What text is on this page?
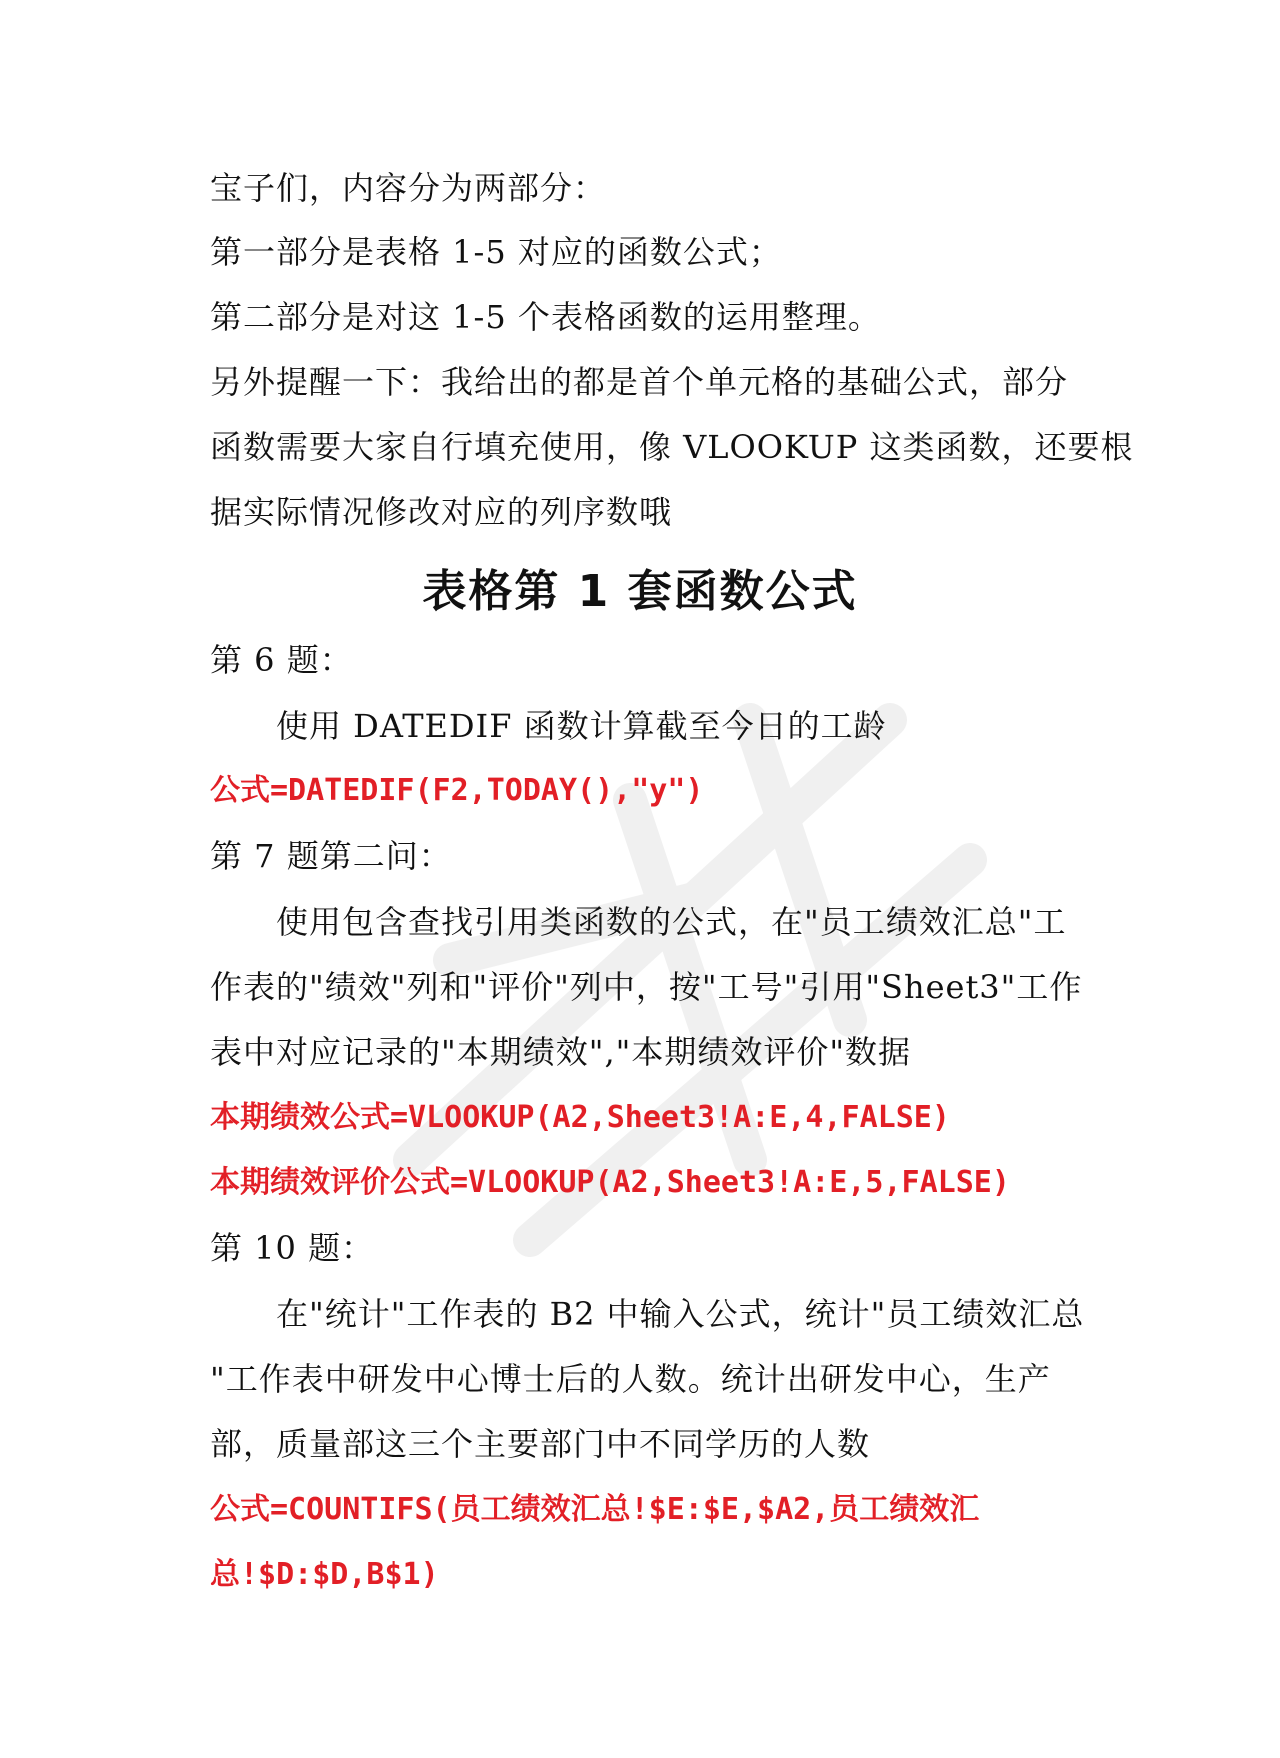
宝子们，内容分为两部分：
第一部分是表格 1-5 对应的函数公式；
第二部分是对这 1-5 个表格函数的运用整理。
另外提醒一下：我给出的都是首个单元格的基础公式，部分
函数需要大家自行填充使用，像 VLOOKUP 这类函数，还要根
据实际情况修改对应的列序数哦
表格第 1 套函数公式
第 6 题：
使用 DATEDIF 函数计算截至今日的工龄
公式=DATEDIF(F2,TODAY(),"y")
第 7 题第二问：
使用包含查找引用类函数的公式，在"员工绩效汇总"工
作表的"绩效"列和"评价"列中，按"工号"引用"Sheet3"工作
表中对应记录的"本期绩效","本期绩效评价"数据
本期绩效公式=VLOOKUP(A2,Sheet3!A:E,4,FALSE)
本期绩效评价公式=VLOOKUP(A2,Sheet3!A:E,5,FALSE)
第 10 题：
在"统计"工作表的 B2 中输入公式，统计"员工绩效汇总
"工作表中研发中心博士后的人数。统计出研发中心，生产
部，质量部这三个主要部门中不同学历的人数
公式=COUNTIFS(员工绩效汇总!$E:$E,$A2,员工绩效汇
总!$D:$D,B$1)
